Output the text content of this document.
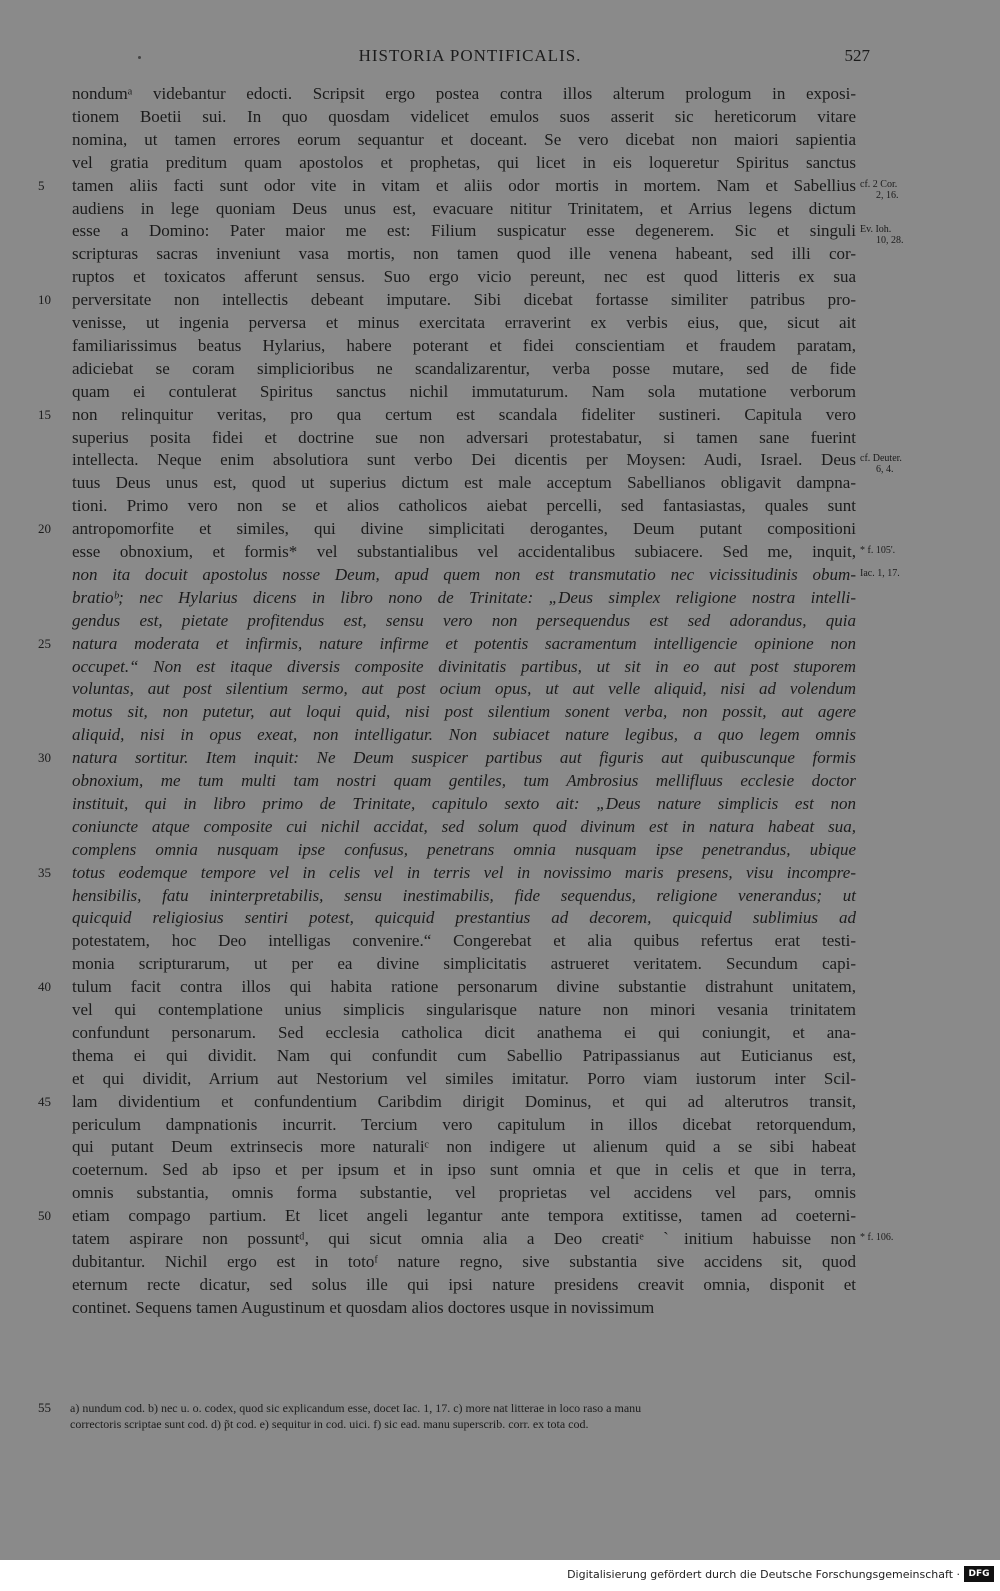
HISTORIA PONTIFICALIS.	527
nondumᵃ videbantur edocti. Scripsit ergo postea contra illos alterum prologum in exposi-
tionem Boetii sui. In quo quosdam videlicet emulos suos asserit sic hereticorum vitare
nomina, ut tamen errores eorum sequantur et doceant. Se vero dicebat non maiori sapientia
vel gratia preditum quam apostolos et prophetas, qui licet in eis loqueretur Spiritus sanctus
tamen aliis facti sunt odor vite in vitam et aliis odor mortis in mortem. Nam et Sabellius
5
audiens in lege quoniam Deus unus est, evacuare nititur Trinitatem, et Arrius legens dictum
esse a Domino: Pater maior me est: Filium suspicatur esse degenerem. Sic et singuli
scripturas sacras inveniunt vasa mortis, non tamen quod ille venena habeant, sed illi cor-
ruptos et toxicatos afferunt sensus. Suo ergo vicio pereunt, nec est quod litteris ex sua
perversitate non intellectis debeant imputare. Sibi dicebat fortasse similiter patribus pro-
10
venisse, ut ingenia perversa et minus exercitata erraverint ex verbis eius, que, sicut ait
familiarissimus beatus Hylarius, habere poterant et fidei conscientiam et fraudem paratam,
adiciebat se coram simplicioribus ne scandalizarentur, verba posse mutare, sed de fide
quam ei contulerat Spiritus sanctus nichil immutaturum. Nam sola mutatione verborum
non relinquitur veritas, pro qua certum est scandala fideliter sustineri. Capitula vero
15
superius posita fidei et doctrine sue non adversari protestabatur, si tamen sane fuerint
intellecta. Neque enim absolutiora sunt verbo Dei dicentis per Moysen: Audi, Israel. Deus
tuus Deus unus est, quod ut superius dictum est male acceptum Sabellianos obligavit dampna-
tioni. Primo vero non se et alios catholicos aiebat percelli, sed fantasiastas, quales sunt
antropomorfite et similes, qui divine simplicitati derogantes, Deum putant compositioni
20
esse obnoxium, et formis* vel substantialibus vel accidentalibus subiacere. Sed me, inquit,
non ita docuit apostolus nosse Deum, apud quem non est transmutatio nec vicissitudinis obum-
bratioᵇ; nec Hylarius dicens in libro nono de Trinitate: „Deus simplex religione nostra intelli-
gendus est, pietate profitendus est, sensu vero non persequendus est sed adorandus, quia
natura moderata et infirmis, nature infirme et potentis sacramentum intelligencie opinione non
25
occupet.“ Non est itaque diversis composite divinitatis partibus, ut sit in eo aut post stuporem
voluntas, aut post silentium sermo, aut post ocium opus, ut aut velle aliquid, nisi ad volendum
motus sit, non putetur, aut loqui quid, nisi post silentium sonent verba, non possit, aut agere
aliquid, nisi in opus exeat, non intelligatur. Non subiacet nature legibus, a quo legem omnis
natura sortitur. Item inquit: Ne Deum suspicer partibus aut figuris aut quibuscunque formis
30
obnoxium, me tum multi tam nostri quam gentiles, tum Ambrosius mellifluus ecclesie doctor
instituit, qui in libro primo de Trinitate, capitulo sexto ait: „Deus nature simplicis est non
coniuncte atque composite cui nichil accidat, sed solum quod divinum est in natura habeat sua,
complens omnia nusquam ipse confusus, penetrans omnia nusquam ipse penetrandus, ubique
totus eodemque tempore vel in celis vel in terris vel in novissimo maris presens, visu incompre-
35
hensibilis, fatu ininterpretabilis, sensu inestimabilis, fide sequendus, religione venerandus; ut
quicquid religiosius sentiri potest, quicquid prestantius ad decorem, quicquid sublimius ad
potestatem, hoc Deo intelligas convenire.“ Congerebat et alia quibus refertus erat testi-
monia scripturarum, ut per ea divine simplicitatis astrueret veritatem. Secundum capi-
tulum facit contra illos qui habita ratione personarum divine substantie distrahunt unitatem,
40
vel qui contemplatione unius simplicis singularisque nature non minori vesania trinitatem
confundunt personarum. Sed ecclesia catholica dicit anathema ei qui coniungit, et ana-
thema ei qui dividit. Nam qui confundit cum Sabellio Patripassianus aut Euticianus est,
et qui dividit, Arrium aut Nestorium vel similes imitatur. Porro viam iustorum inter Scil-
lam dividentium et confundentium Caribdim dirigit Dominus, et qui ad alterutros transit,
45
periculum dampnationis incurrit. Tercium vero capitulum in illos dicebat retorquendum,
qui putant Deum extrinsecis more naturaliᶜ non indigere ut alienum quid a se sibi habeat
coeternum. Sed ab ipso et per ipsum et in ipso sunt omnia et que in celis et que in terra,
omnis substantia, omnis forma substantie, vel proprietas vel accidens vel pars, omnis
etiam compago partium. Et licet angeli legantur ante tempora extitisse, tamen ad coeterni-
50
tatem aspirare non possuntᵈ, qui sicut omnia alia a Deo creatiᵉ ˋinitium habuisse non
dubitantur. Nichil ergo est in totoᶠ nature regno, sive substantia sive accidens sit, quod
eternum recte dicatur, sed solus ille qui ipsi nature presidens creavit omnia, disponit et
continet. Sequens tamen Augustinum et quosdam alios doctores usque in novissimum
cf. 2 Cor.
2, 16.
Ev. Ioh.
10, 28.
cf. Deuter.
6, 4.
* f. 105'.
Iac. 1, 17.
* f. 106.
55 a) nundum cod. b) nec u. o. codex, quod sic explicandum esse, docet Iac. 1, 17. c) more nat litterae in loco raso a manu
correctoris scriptae sunt cod. d) p̃t cod. e) sequitur in cod. uici. f) sic ead. manu superscrib. corr. ex tota cod.
Digitalisierung gefördert durch die Deutsche Forschungsgemeinschaft · DFG
